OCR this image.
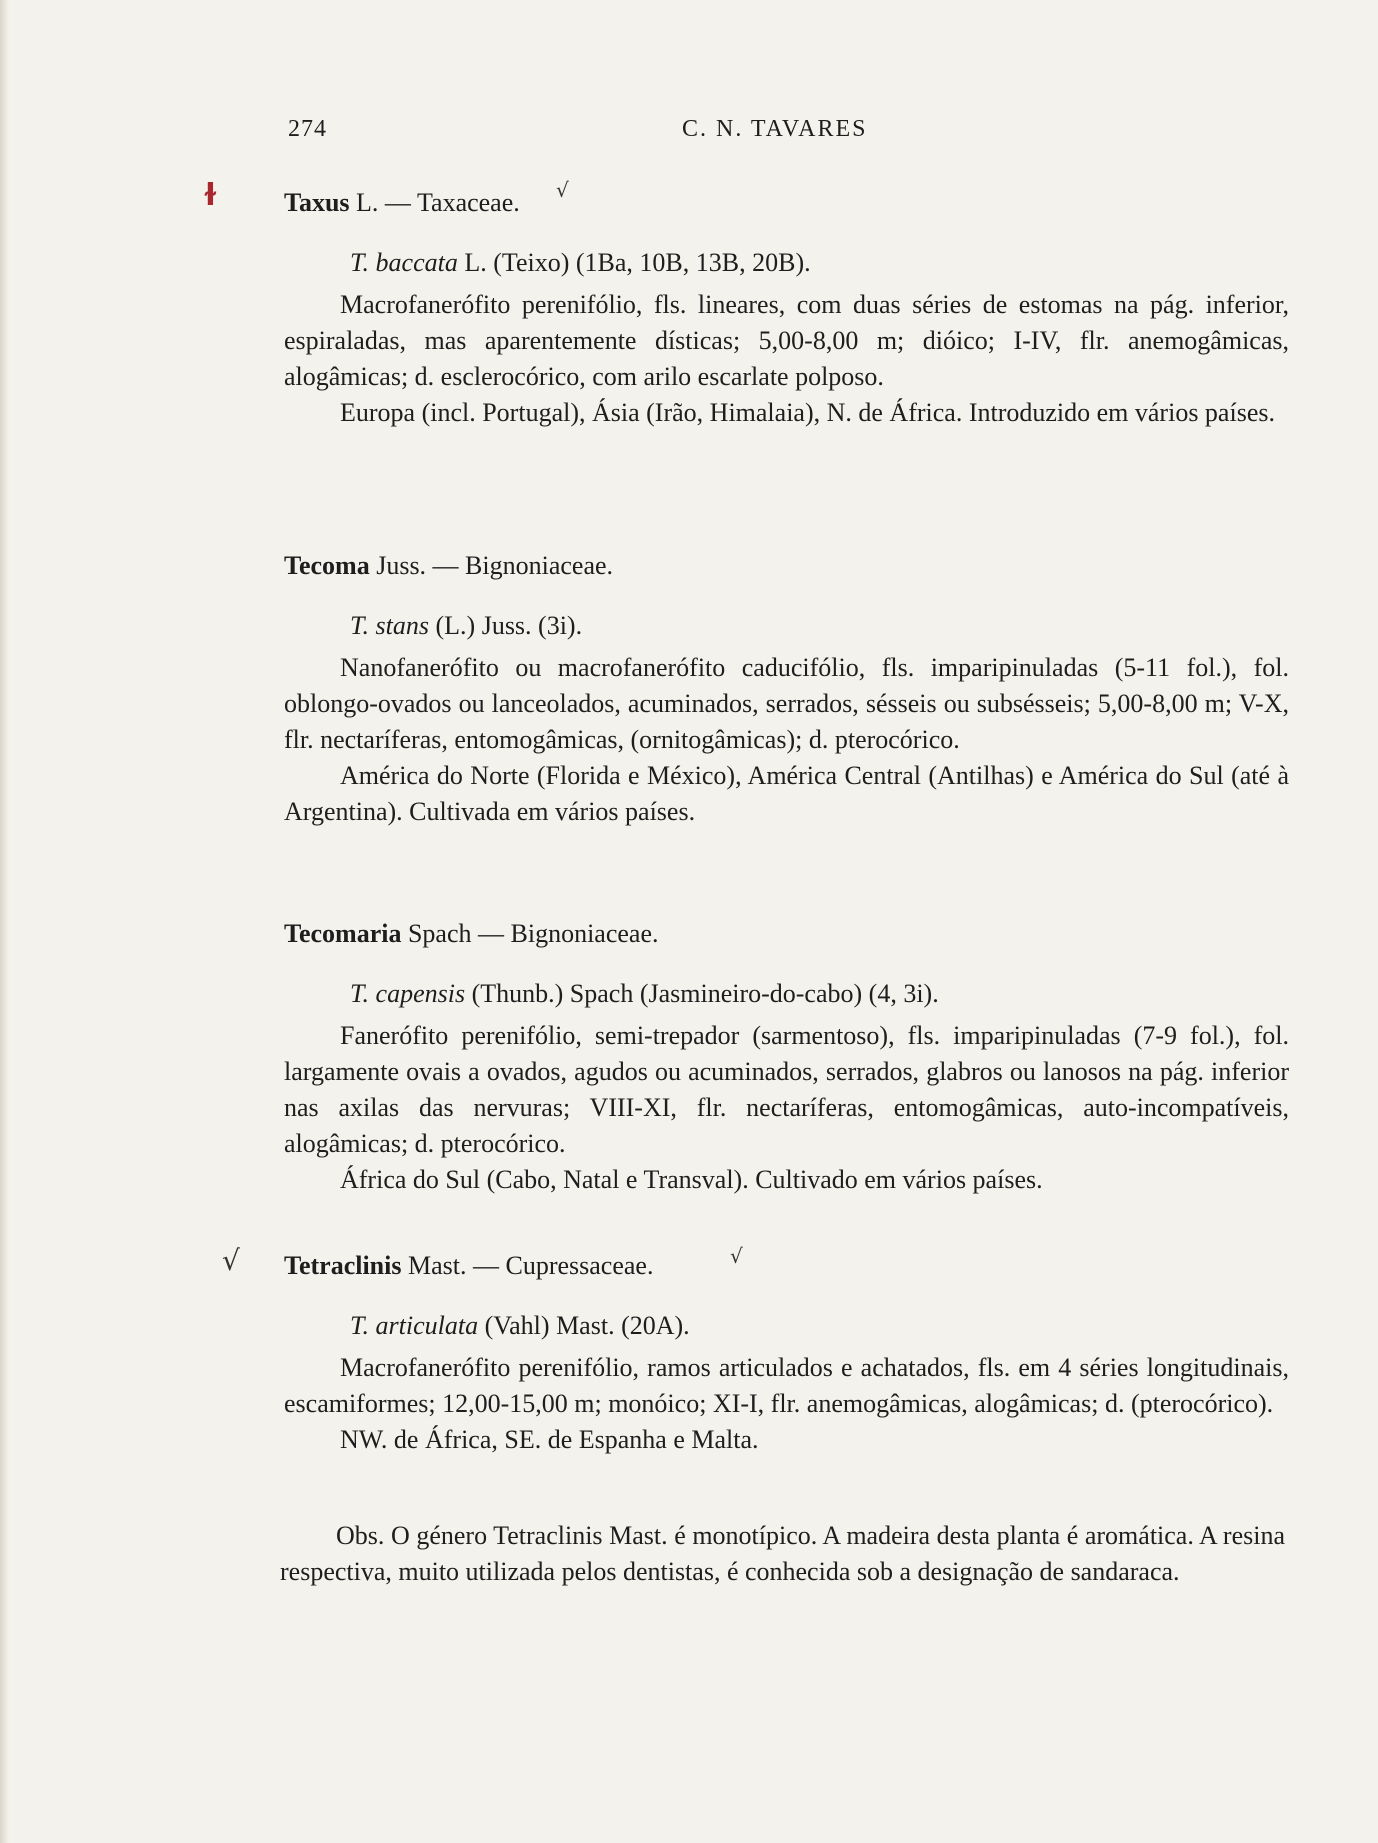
274	C. N. TAVARES
ɫ	√
√	√

Taxus L. — Taxaceae.

T. baccata L. (Teixo) (1Ba, 10B, 13B, 20B).

Macrofanerófito perenifólio, fls. lineares, com duas séries de estomas na pág. inferior, espiraladas, mas aparentemente dísticas; 5,00-8,00 m; dióico; I-IV, flr. anemogâmicas, alogâmicas; d. esclerocórico, com arilo escarlate polposo.

Europa (incl. Portugal), Ásia (Irão, Himalaia), N. de África. Introduzido em vários países.

Tecoma Juss. — Bignoniaceae.

T. stans (L.) Juss. (3i).

Nanofanerófito ou macrofanerófito caducifólio, fls. imparipinuladas (5-11 fol.), fol. oblongo-ovados ou lanceolados, acuminados, serrados, sésseis ou subsésseis; 5,00-8,00 m; V-X, flr. nectaríferas, entomogâmicas, (ornitogâmicas); d. pterocórico.

América do Norte (Florida e México), América Central (Antilhas) e América do Sul (até à Argentina). Cultivada em vários países.

Tecomaria Spach — Bignoniaceae.

T. capensis (Thunb.) Spach (Jasmineiro-do-cabo) (4, 3i).

Fanerófito perenifólio, semi-trepador (sarmentoso), fls. imparipinuladas (7-9 fol.), fol. largamente ovais a ovados, agudos ou acuminados, serrados, glabros ou lanosos na pág. inferior nas axilas das nervuras; VIII-XI, flr. nectaríferas, entomogâmicas, auto-incompatíveis, alogâmicas; d. pterocórico.

África do Sul (Cabo, Natal e Transval). Cultivado em vários países.

Tetraclinis Mast. — Cupressaceae.

T. articulata (Vahl) Mast. (20A).

Macrofanerófito perenifólio, ramos articulados e achatados, fls. em 4 séries longitudinais, escamiformes; 12,00-15,00 m; monóico; XI-I, flr. anemogâmicas, alogâmicas; d. (pterocórico).

NW. de África, SE. de Espanha e Malta.

Obs. O género Tetraclinis Mast. é monotípico. A madeira desta planta é aromática. A resina respectiva, muito utilizada pelos dentistas, é conhecida sob a designação de sandaraca.
